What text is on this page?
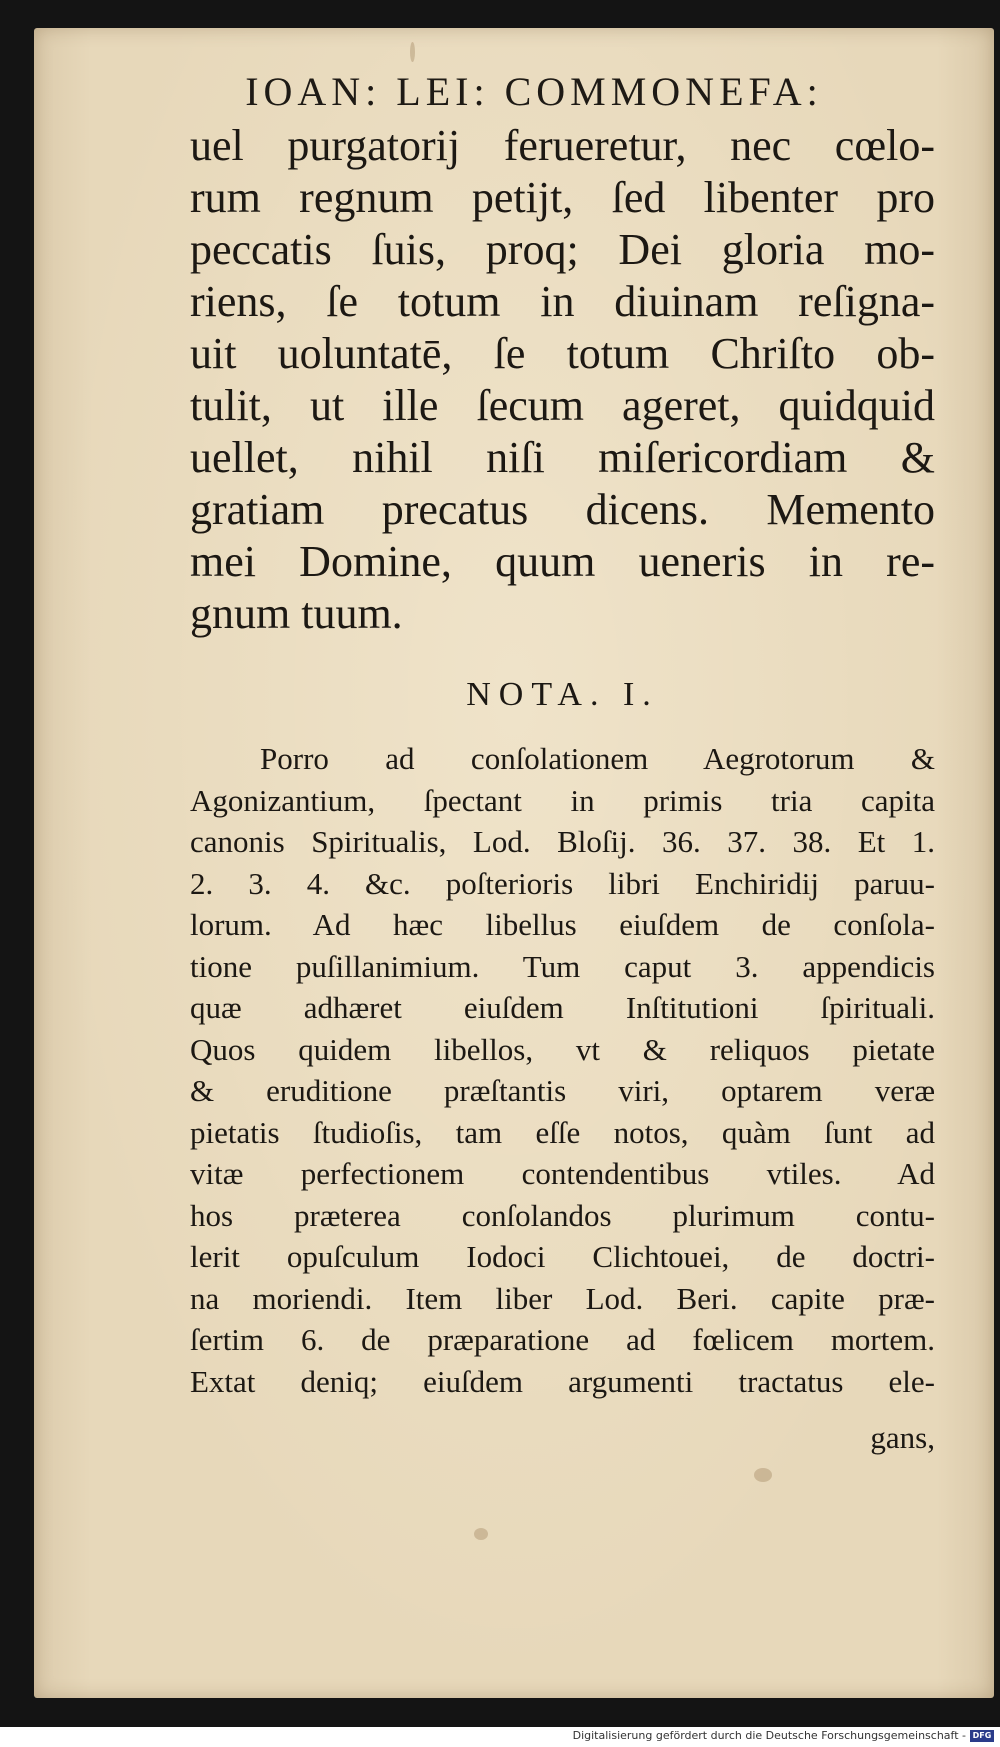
IOAN: LEI: COMMONEFA:
uel purgatorij ferueretur, nec cœlo-
rum regnum petijt, ſed libenter pro
peccatis ſuis, proq; Dei gloria mo-
riens, ſe totum in diuinam reſigna-
uit uoluntatē, ſe totum Chriſto ob-
tulit, ut ille ſecum ageret, quidquid
uellet, nihil niſi miſericordiam &
gratiam precatus dicens. Memento
mei Domine, quum ueneris in re-
gnum tuum.
NOTA. I.
Porro ad conſolationem Aegrotorum &
Agonizantium, ſpectant in primis tria capita
canonis Spiritualis, Lod. Bloſij. 36. 37. 38. Et 1.
2. 3. 4. &c. poſterioris libri Enchiridij paruu-
lorum. Ad hæc libellus eiuſdem de conſola-
tione puſillanimium. Tum caput 3. appendicis
quæ adhæret eiuſdem Inſtitutioni ſpirituali.
Quos quidem libellos, vt & reliquos pietate
& eruditione præſtantis viri, optarem veræ
pietatis ſtudioſis, tam eſſe notos, quàm ſunt ad
vitæ perfectionem contendentibus vtiles. Ad
hos præterea conſolandos plurimum contu-
lerit opuſculum Iodoci Clichtouei, de doctri-
na moriendi. Item liber Lod. Beri. capite præ-
ſertim 6. de præparatione ad fœlicem mortem.
Extat deniq; eiuſdem argumenti tractatus ele-
gans,
Digitalisierung gefördert durch die Deutsche Forschungsgemeinschaft - DFG
